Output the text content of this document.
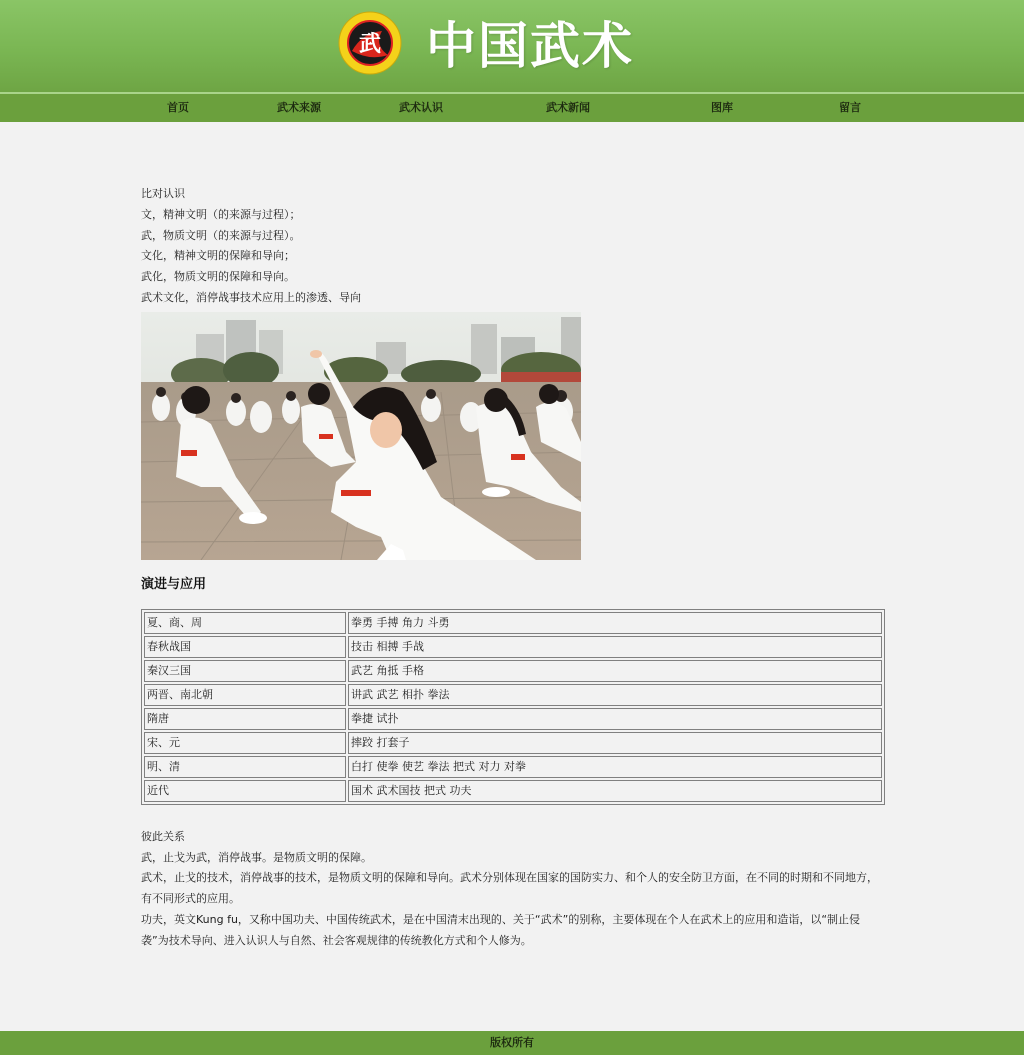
武 中国武术
首页	武术来源	武术认识	武术新闻	图库	留言
比对认识
文，精神文明（的来源与过程）；
武，物质文明（的来源与过程）。
文化，精神文明的保障和导向；
武化，物质文明的保障和导向。
武术文化，消停战事技术应用上的渗透、导向
演进与应用
夏、商、周	拳勇 手搏 角力 斗勇
春秋战国	技击 相搏 手战
秦汉三国	武艺 角抵 手格
两晋、南北朝	讲武 武艺 相扑 拳法
隋唐	拳捷 试扑
宋、元	摔跤 打套子
明、清	白打 使拳 使艺 拳法 把式 对力 对拳
近代	国术 武术国技 把式 功夫
彼此关系
武，止戈为武，消停战事。是物质文明的保障。
武术，止戈的技术，消停战事的技术，是物质文明的保障和导向。武术分别体现在国家的国防实力、和个人的安全防卫方面，在不同的时期和不同地方，有不同形式的应用。
功夫，英文Kung fu，又称中国功夫、中国传统武术，是在中国清末出现的、关于“武术”的别称，主要体现在个人在武术上的应用和造诣，以“制止侵袭”为技术导向、进入认识人与自然、社会客观规律的传统教化方式和个人修为。
版权所有
